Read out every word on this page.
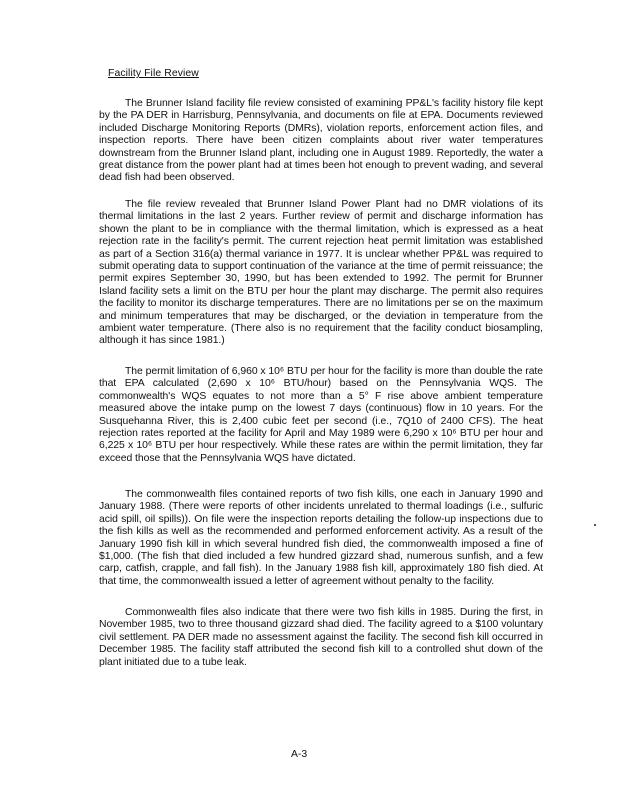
Facility File Review

The Brunner Island facility file review consisted of examining PP&L's facility history file kept by the PA DER in Harrisburg, Pennsylvania, and documents on file at EPA. Documents reviewed included Discharge Monitoring Reports (DMRs), violation reports, enforcement action files, and inspection reports. There have been citizen complaints about river water temperatures downstream from the Brunner Island plant, including one in August 1989. Reportedly, the water a great distance from the power plant had at times been hot enough to prevent wading, and several dead fish had been observed.

The file review revealed that Brunner Island Power Plant had no DMR violations of its thermal limitations in the last 2 years. Further review of permit and discharge information has shown the plant to be in compliance with the thermal limitation, which is expressed as a heat rejection rate in the facility's permit. The current rejection heat permit limitation was established as part of a Section 316(a) thermal variance in 1977. It is unclear whether PP&L was required to submit operating data to support continuation of the variance at the time of permit reissuance; the permit expires September 30, 1990, but has been extended to 1992. The permit for Brunner Island facility sets a limit on the BTU per hour the plant may discharge. The permit also requires the facility to monitor its discharge temperatures. There are no limitations per se on the maximum and minimum temperatures that may be discharged, or the deviation in temperature from the ambient water temperature. (There also is no requirement that the facility conduct biosampling, although it has since 1981.)

The permit limitation of 6,960 x 10⁶ BTU per hour for the facility is more than double the rate that EPA calculated (2,690 x 10⁶ BTU/hour) based on the Pennsylvania WQS. The commonwealth's WQS equates to not more than a 5° F rise above ambient temperature measured above the intake pump on the lowest 7 days (continuous) flow in 10 years. For the Susquehanna River, this is 2,400 cubic feet per second (i.e., 7Q10 of 2400 CFS). The heat rejection rates reported at the facility for April and May 1989 were 6,290 x 10⁶ BTU per hour and 6,225 x 10⁶ BTU per hour respectively. While these rates are within the permit limitation, they far exceed those that the Pennsylvania WQS have dictated.

The commonwealth files contained reports of two fish kills, one each in January 1990 and January 1988. (There were reports of other incidents unrelated to thermal loadings (i.e., sulfuric acid spill, oil spills)). On file were the inspection reports detailing the follow-up inspections due to the fish kills as well as the recommended and performed enforcement activity. As a result of the January 1990 fish kill in which several hundred fish died, the commonwealth imposed a fine of $1,000. (The fish that died included a few hundred gizzard shad, numerous sunfish, and a few carp, catfish, crapple, and fall fish). In the January 1988 fish kill, approximately 180 fish died. At that time, the commonwealth issued a letter of agreement without penalty to the facility.

Commonwealth files also indicate that there were two fish kills in 1985. During the first, in November 1985, two to three thousand gizzard shad died. The facility agreed to a $100 voluntary civil settlement. PA DER made no assessment against the facility. The second fish kill occurred in December 1985. The facility staff attributed the second fish kill to a controlled shut down of the plant initiated due to a tube leak.

A-3
